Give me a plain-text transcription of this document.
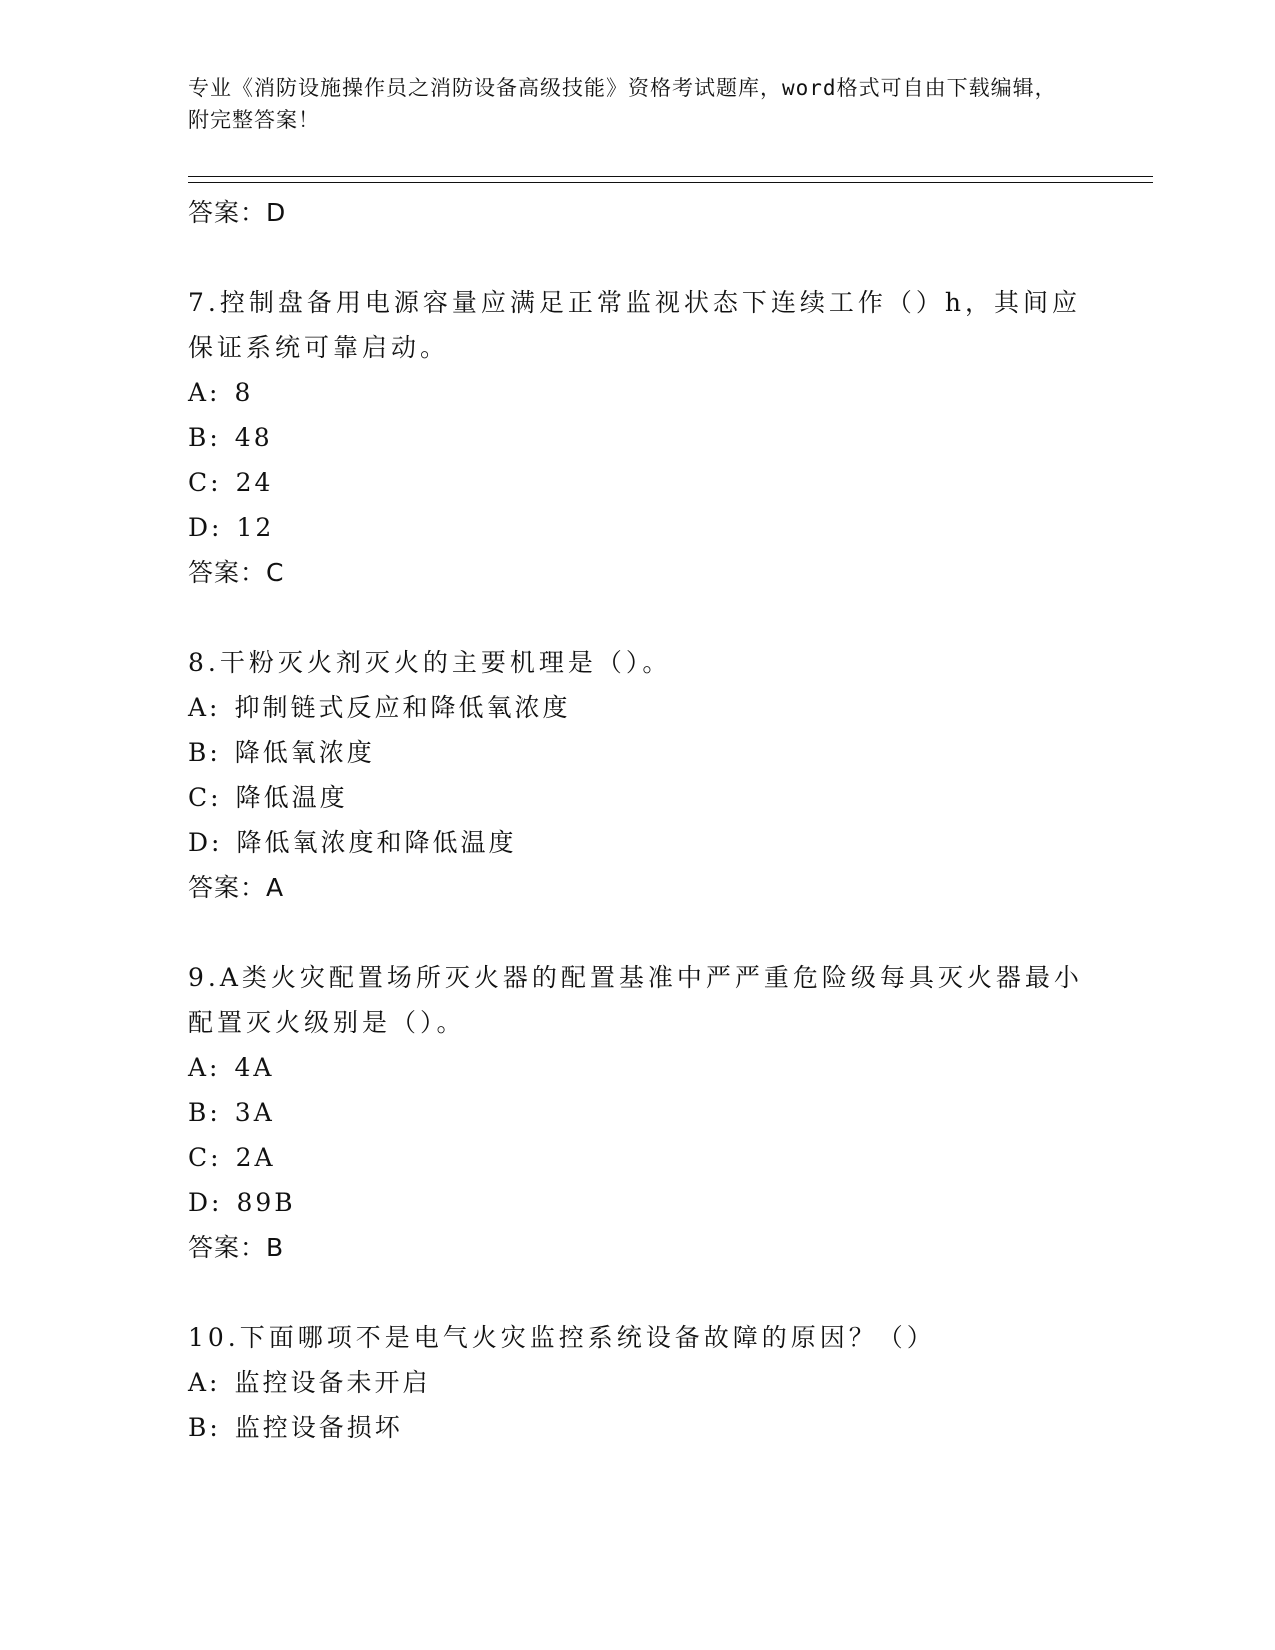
专业《消防设施操作员之消防设备高级技能》资格考试题库，word格式可自由下载编辑，附完整答案！
答案：D
7.控制盘备用电源容量应满足正常监视状态下连续工作（）h，其间应保证系统可靠启动。
A: 8
B: 48
C: 24
D: 12
答案：C
8.干粉灭火剂灭火的主要机理是（）。
A: 抑制链式反应和降低氧浓度
B: 降低氧浓度
C: 降低温度
D: 降低氧浓度和降低温度
答案：A
9.A类火灾配置场所灭火器的配置基准中严严重危险级每具灭火器最小配置灭火级别是（）。
A: 4A
B: 3A
C: 2A
D: 89B
答案：B
10.下面哪项不是电气火灾监控系统设备故障的原因？（）
A: 监控设备未开启
B: 监控设备损坏
